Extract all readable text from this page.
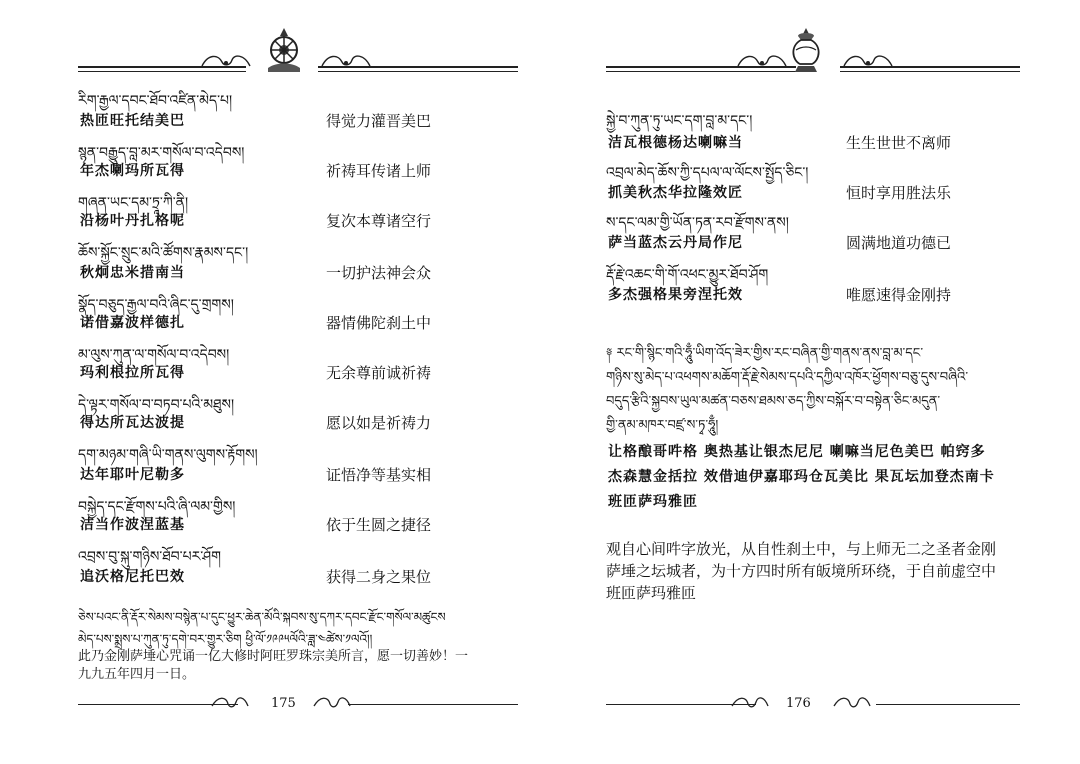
རིག་རྒྱལ་དབང་ཐོབ་འཛིན་མེད་པ།
热匝旺托结美巴	得觉力灌晋美巴
སྙན་བརྒྱུད་བླ་མར་གསོལ་བ་འདེབས།
年杰喇玛所瓦得	祈祷耳传诸上师
གཞན་ཡང་དམ་ཏྲཱ་ཀི་ནི།
沿杨叶丹扎格呢	复次本尊诸空行
ཆོས་སྐྱོང་སྲུང་མའི་ཚོགས་རྣམས་དང་།
秋炯忠米措南当	一切护法神会众
སྣོད་བཅུད་རྒྱལ་བའི་ཞིང་དུ་གྲགས།
诺借嘉波样德扎	器情佛陀刹土中
མ་ལུས་ཀུན་ལ་གསོལ་བ་འདེབས།
玛利根拉所瓦得	无余尊前诚祈祷
དེ་ལྟར་གསོལ་བ་བཏབ་པའི་མཐུས།
得达所瓦达波提	愿以如是祈祷力
དག་མཉམ་གཞི་ཡི་གནས་ལུགས་རྟོགས།
达年耶叶尼勒多	证悟净等基实相
བསྐྱེད་དང་རྫོགས་པའི་ཞི་ལམ་གྱིས།
洁当作波涅蓝基	依于生圆之捷径
འབྲས་བུ་སྐུ་གཉིས་ཐོབ་པར་ཤོག
追沃格尼托巴效	获得二身之果位
ཅེས་པའང་ནི་རྡོར་སེམས་བསྙེན་པ་དུང་ཕྱུར་ཆེན་མོའི་སྐབས་སུ་དཀར་དབང་རྫོང་གསོལ་མཚུངས
མེད་པས་སྨྲས་པ་ཀུན་ཏུ་དགེ་བར་གྱུར་ཅིག ཕྱི་ལོ་༡༩༩༥ལོའི་ཟླ་༤ཚེས་༡ལའོ།།
此乃金刚萨埵心咒诵一亿大修时阿旺罗珠宗美所言，愿一切善妙！一九九五年四月一日。
175
སྐྱེ་བ་ཀུན་ཏུ་ཡང་དག་བླ་མ་དང་།
洁瓦根德杨达喇嘛当	生生世世不离师
འབྲལ་མེད་ཆོས་ཀྱི་དཔལ་ལ་ལོངས་སྤྱོད་ཅིང་།
抓美秋杰华拉隆效匠	恒时享用胜法乐
ས་དང་ལམ་གྱི་ཡོན་ཏན་རབ་རྫོགས་ནས།
萨当蓝杰云丹局作尼	圆满地道功德已
རྡོ་རྗེ་འཆང་གི་གོ་འཕང་མྱུར་ཐོབ་ཤོག
多杰强格果旁涅托效	唯愿速得金刚持
༈ རང་གི་སྙིང་གའི་ཧཱུྃ་ཡིག་འོད་ཟེར་གྱིས་རང་བཞིན་གྱི་གནས་ནས་བླ་མ་དང་
གཉིས་སུ་མེད་པ་འཕགས་མཆོག་རྡོ་རྗེ་སེམས་དཔའི་དཀྱིལ་འཁོར་ཕྱོགས་བཅུ་དུས་བཞིའི་
བདུད་རྩིའི་སྐྱབས་ཡུལ་མཚན་བཅས་ཐམས་ཅད་ཀྱིས་བསྐོར་བ་བསྟེན་ཅིང་མདུན་
གྱི་ནམ་མཁར་བཛྲ་ས་ཏྭ་ཧཱུྃ།
让格酿哥吽格 奥热基让银杰尼尼 喇嘛当尼色美巴 帕窍多杰森慧金括拉 效借迪伊嘉耶玛仓瓦美比 果瓦坛加登杰南卡 班匝萨玛雅匝
观自心间吽字放光，从自性刹土中，与上师无二之圣者金刚萨埵之坛城者，为十方四时所有皈境所环绕，于自前虚空中 班匝萨玛雅匝
176
